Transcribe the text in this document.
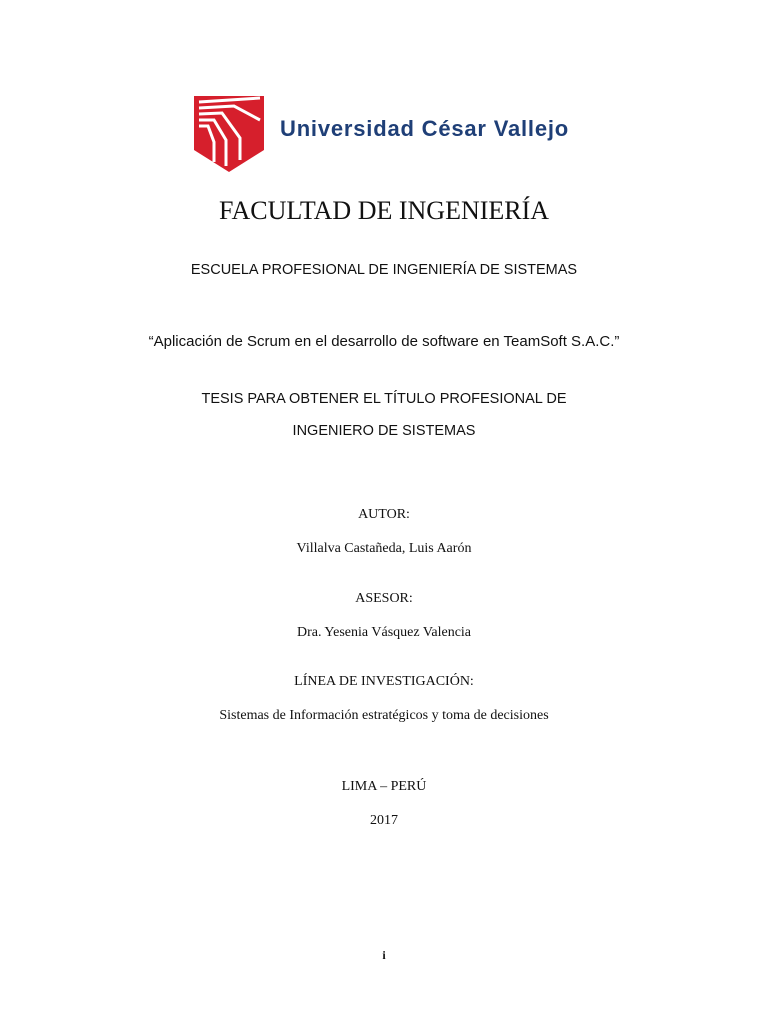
Universidad César Vallejo

FACULTAD DE INGENIERÍA

ESCUELA PROFESIONAL DE INGENIERÍA DE SISTEMAS

“Aplicación de Scrum en el desarrollo de software en TeamSoft S.A.C.”

TESIS PARA OBTENER EL TÍTULO PROFESIONAL DE

INGENIERO DE SISTEMAS

AUTOR:

Villalva Castañeda, Luis Aarón

ASESOR:

Dra. Yesenia Vásquez Valencia

LÍNEA DE INVESTIGACIÓN:

Sistemas de Información estratégicos y toma de decisiones

LIMA – PERÚ

2017

i
